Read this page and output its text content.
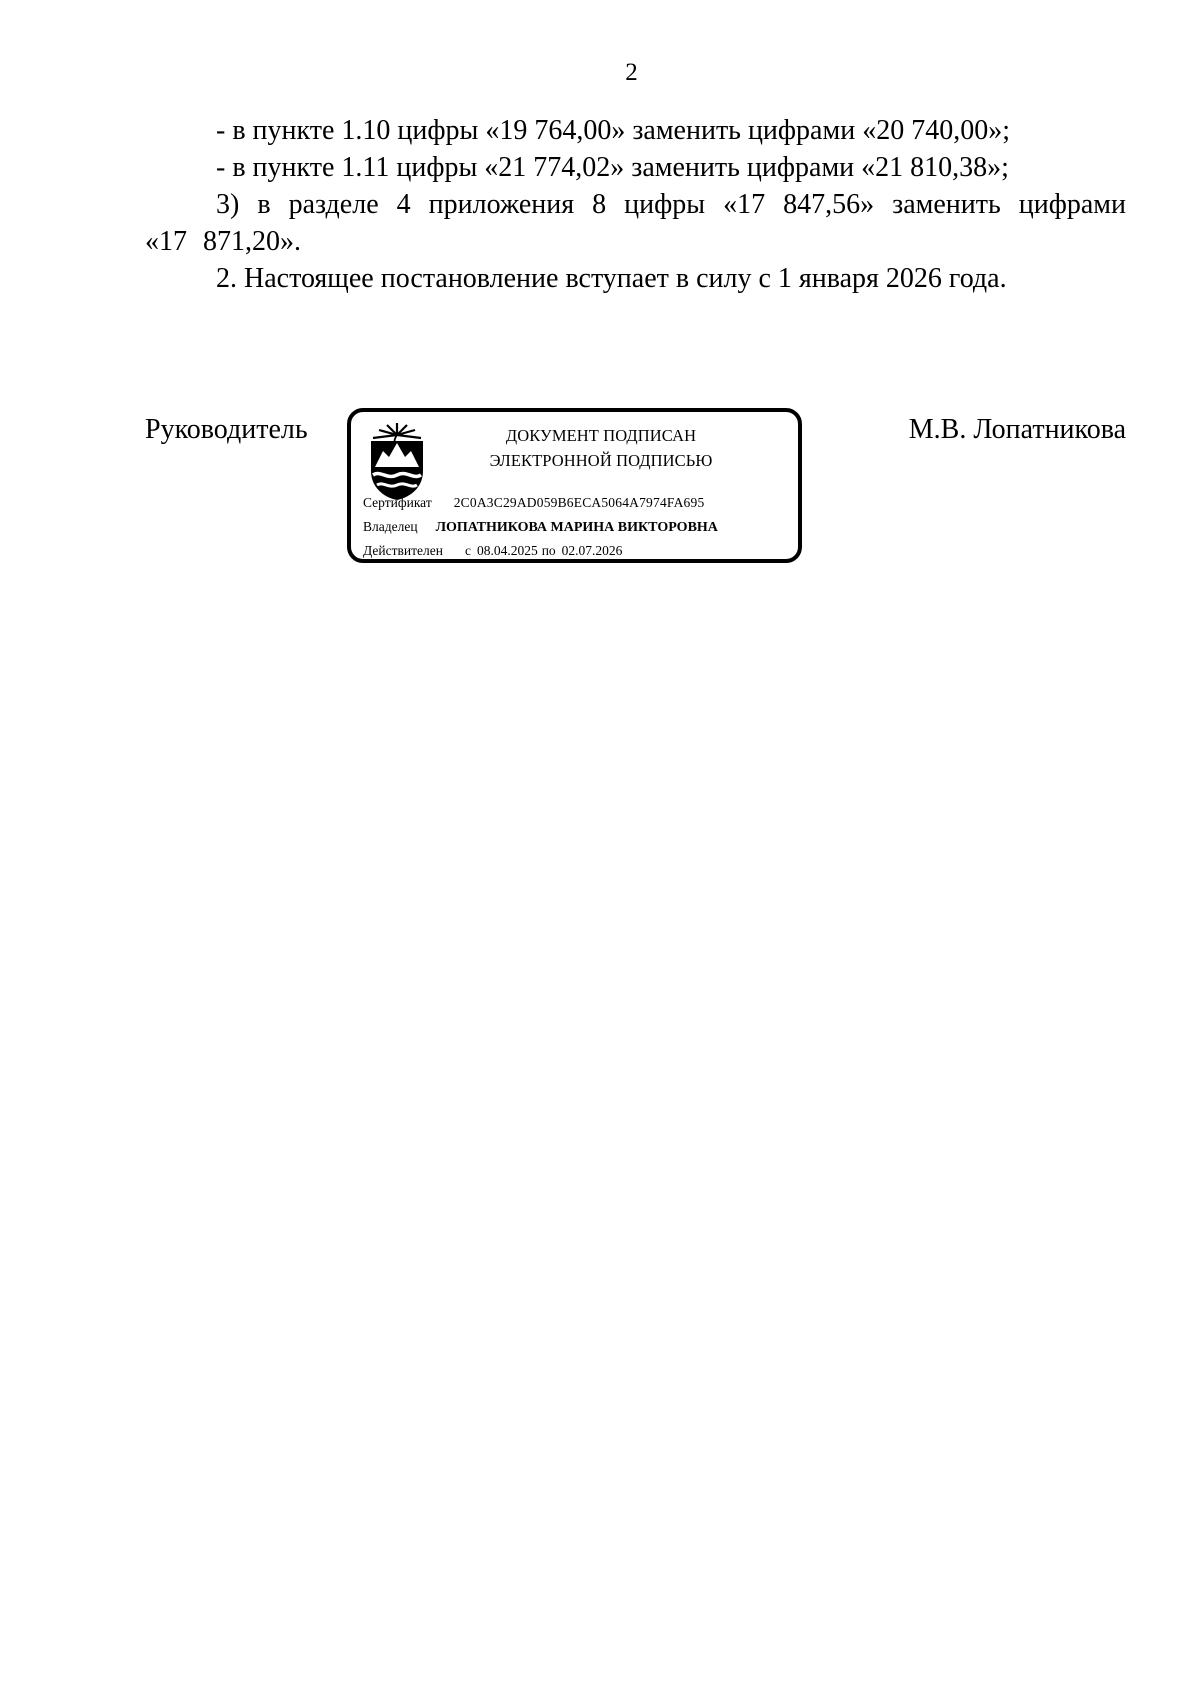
2

- в пункте 1.10 цифры «19 764,00» заменить цифрами «20 740,00»;

- в пункте 1.11 цифры «21 774,02» заменить цифрами «21 810,38»;

3) в разделе 4 приложения 8 цифры «17 847,56» заменить цифрами «17 871,20».

2. Настоящее постановление вступает в силу с 1 января 2026 года.

Руководитель	ДОКУМЕНТ ПОДПИСАН
ЭЛЕКТРОННОЙ ПОДПИСЬЮ
Сертификат 2C0A3C29AD059B6ECA5064A7974FA695
Владелец ЛОПАТНИКОВА МАРИНА ВИКТОРОВНА
Действителен с 08.04.2025 по 02.07.2026
М.В. Лопатникова
